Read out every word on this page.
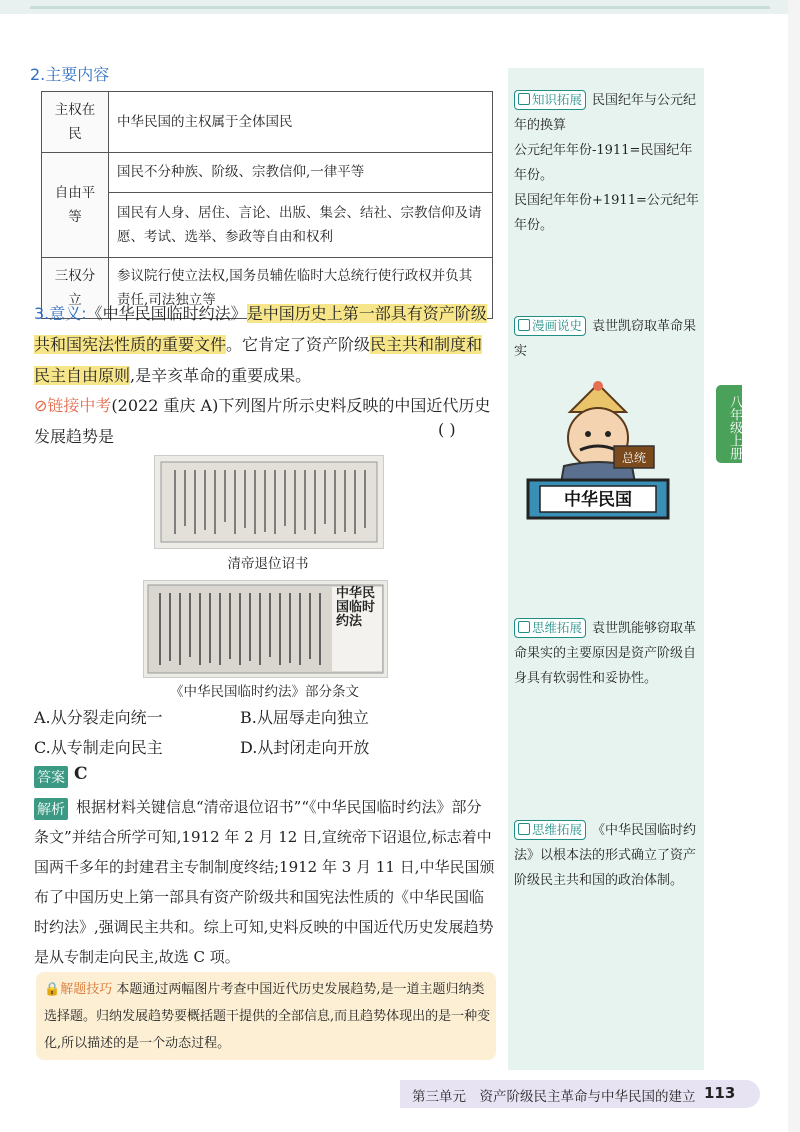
知识拓展 民国纪年与公元纪年的换算
公元纪年年份-1911=民国纪年年份。
民国纪年年份+1911=公元纪年年份。
漫画说史 袁世凯窃取革命果实
总统
中华民国
思维拓展 袁世凯能够窃取革命果实的主要原因是资产阶级自身具有软弱性和妥协性。
思维拓展 《中华民国临时约法》以根本法的形式确立了资产阶级民主共和国的政治体制。
八年级上册
2.主要内容
主权在民	中华民国的主权属于全体国民
自由平等	国民不分种族、阶级、宗教信仰,一律平等
	国民有人身、居住、言论、出版、集会、结社、宗教信仰及请愿、考试、选举、参政等自由和权利
三权分立	参议院行使立法权,国务员辅佐临时大总统行使行政权并负其责任,司法独立等
3.意义:《中华民国临时约法》是中国历史上第一部具有资产阶级共和国宪法性质的重要文件。它肯定了资产阶级民主共和制度和民主自由原则,是辛亥革命的重要成果。
⊘链接中考(2022 重庆 A)下列图片所示史料反映的中国近代历史发展趋势是	( )
清帝退位诏书
中华民国临时约法
《中华民国临时约法》部分条文
A.从分裂走向统一	B.从屈辱走向独立
C.从专制走向民主	D.从封闭走向开放
答案 C
解析 根据材料关键信息“清帝退位诏书”“《中华民国临时约法》部分条文”并结合所学可知,1912 年 2 月 12 日,宣统帝下诏退位,标志着中国两千多年的封建君主专制制度终结;1912 年 3 月 11 日,中华民国颁布了中国历史上第一部具有资产阶级共和国宪法性质的《中华民国临时约法》,强调民主共和。综上可知,史料反映的中国近代历史发展趋势是从专制走向民主,故选 C 项。
🔒解题技巧 本题通过两幅图片考查中国近代历史发展趋势,是一道主题归纳类选择题。归纳发展趋势要概括题干提供的全部信息,而且趋势体现出的是一种变化,所以描述的是一个动态过程。
第三单元　资产阶级民主革命与中华民国的建立 113
